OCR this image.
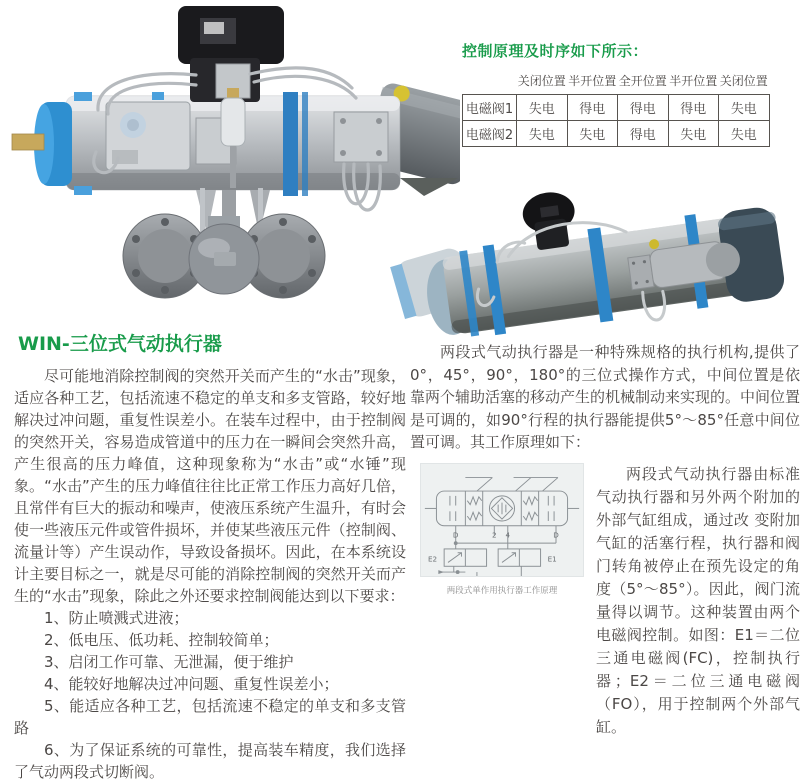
控制原理及时序如下所示：
	关闭位置	半开位置	全开位置	半开位置	关闭位置
电磁阀1	失电	得电	得电	得电	失电
电磁阀2	失电	失电	得电	失电	失电
WIN-三位式气动执行器

尽可能地消除控制阀的突然开关而产生的“水击”现象，适应各种工艺，包括流速不稳定的单支和多支管路，较好地解决过冲问题，重复性误差小。在装车过程中，由于控制阀的突然开关，容易造成管道中的压力在一瞬间会突然升高，产生很高的压力峰值，这种现象称为“水击”或“水锤”现象。“水击”产生的压力峰值往往比正常工作压力高好几倍，且常伴有巨大的振动和噪声，使液压系统产生温升，有时会使一些液压元件或管件损坏，并使某些液压元件（控制阀、流量计等）产生误动作，导致设备损坏。因此，在本系统设计主要目标之一，就是尽可能的消除控制阀的突然开关而产生的“水击”现象，除此之外还要求控制阀能达到以下要求：

1、防止喷溅式进液；

2、低电压、低功耗、控制较简单；

3、启闭工作可靠、无泄漏，便于维护

4、能较好地解决过冲问题、重复性误差小；

5、能适应各种工艺，包括流速不稳定的单支和多支管路

6、为了保证系统的可靠性，提高装车精度，我们选择了气动两段式切断阀。

两段式气动执行器是一种特殊规格的执行机构,提供了0°，45°，90°，180°的三位式操作方式，中间位置是依靠两个辅助活塞的移动产生的机械制动来实现的。中间位置是可调的，如90°行程的执行器能提供5°～85°任意中间位置可调。其工作原理如下：

D	2 4	D
E2	E1
两段式单作用执行器工作原理

两段式气动执行器由标准气动执行器和另外两个附加的外部气缸组成，通过改 变附加气缸的活塞行程，执行器和阀门转角被停止在预先设定的角度（5°～85°）。因此，阀门流量得以调节。这种装置由两个电磁阀控制。如图：E1＝二位三通电磁阀(FC)，控制执行器；E2＝二位三通电磁阀（FO），用于控制两个外部气缸。
